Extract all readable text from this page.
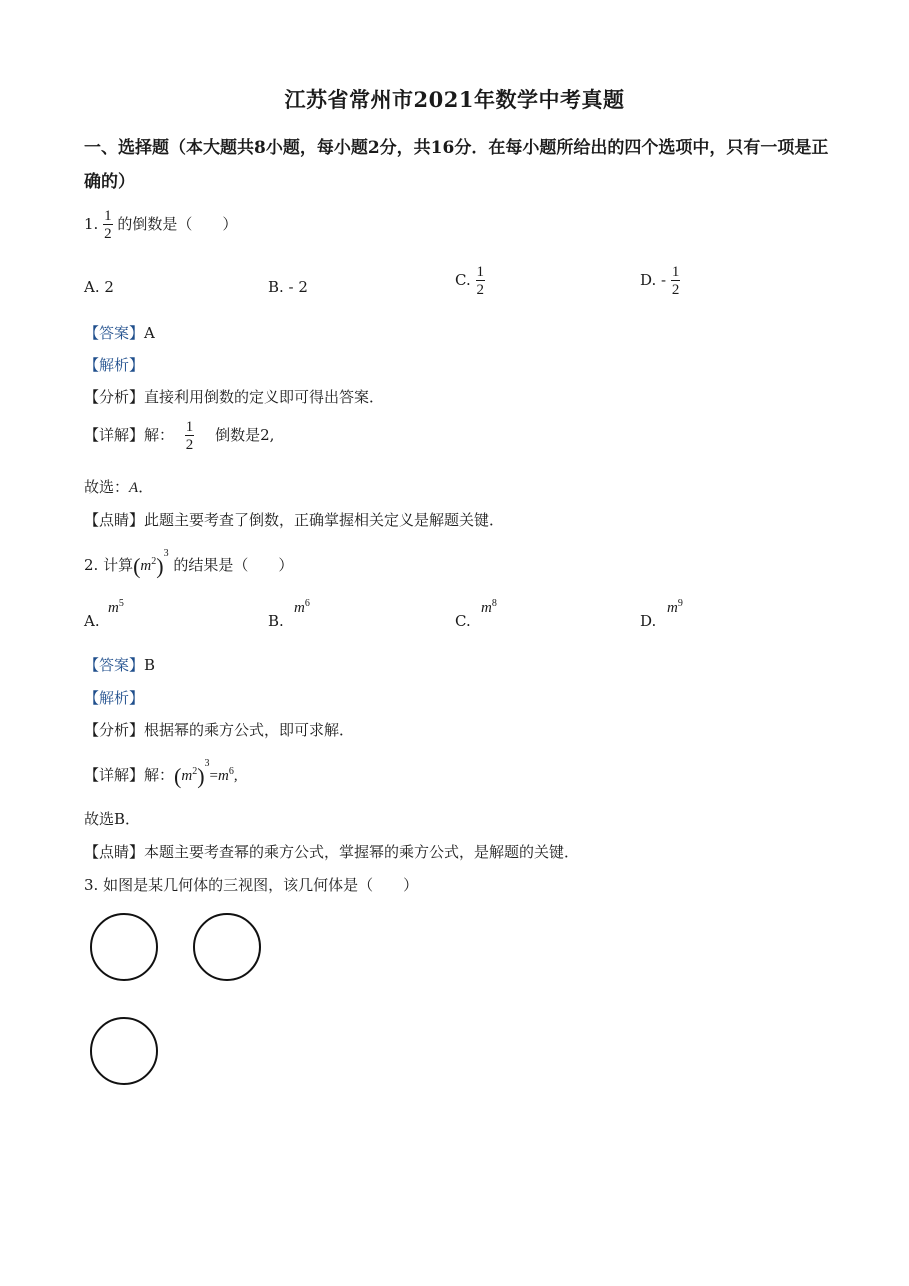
江苏省常州市2021年数学中考真题
一、选择题（本大题共8小题，每小题2分，共16分．在每小题所给出的四个选项中，只有一项是正确的）
1. $\frac{1}{2}$ 的倒数是（　　）
A. 2	B. - 2	C. $\frac{1}{2}$	D. - $\frac{1}{2}$
【答案】A
【解析】
【分析】直接利用倒数的定义即可得出答案．
【详解】解： $\frac{1}{2}$ 倒数是2,
故选：A．
【点睛】此题主要考查了倒数，正确掌握相关定义是解题关键．
2. 计算$(m^2)^3$ 的结果是（　　）
A.
$m^5$
B.
$m^6$
C.
$m^8$
D.
$m^9$
【答案】B
【解析】
【分析】根据幂的乘方公式，即可求解．
【详解】解：$(m^2)^3=m^6$,
故选B．
【点睛】本题主要考查幂的乘方公式，掌握幂的乘方公式，是解题的关键．
3. 如图是某几何体的三视图，该几何体是（　　）
